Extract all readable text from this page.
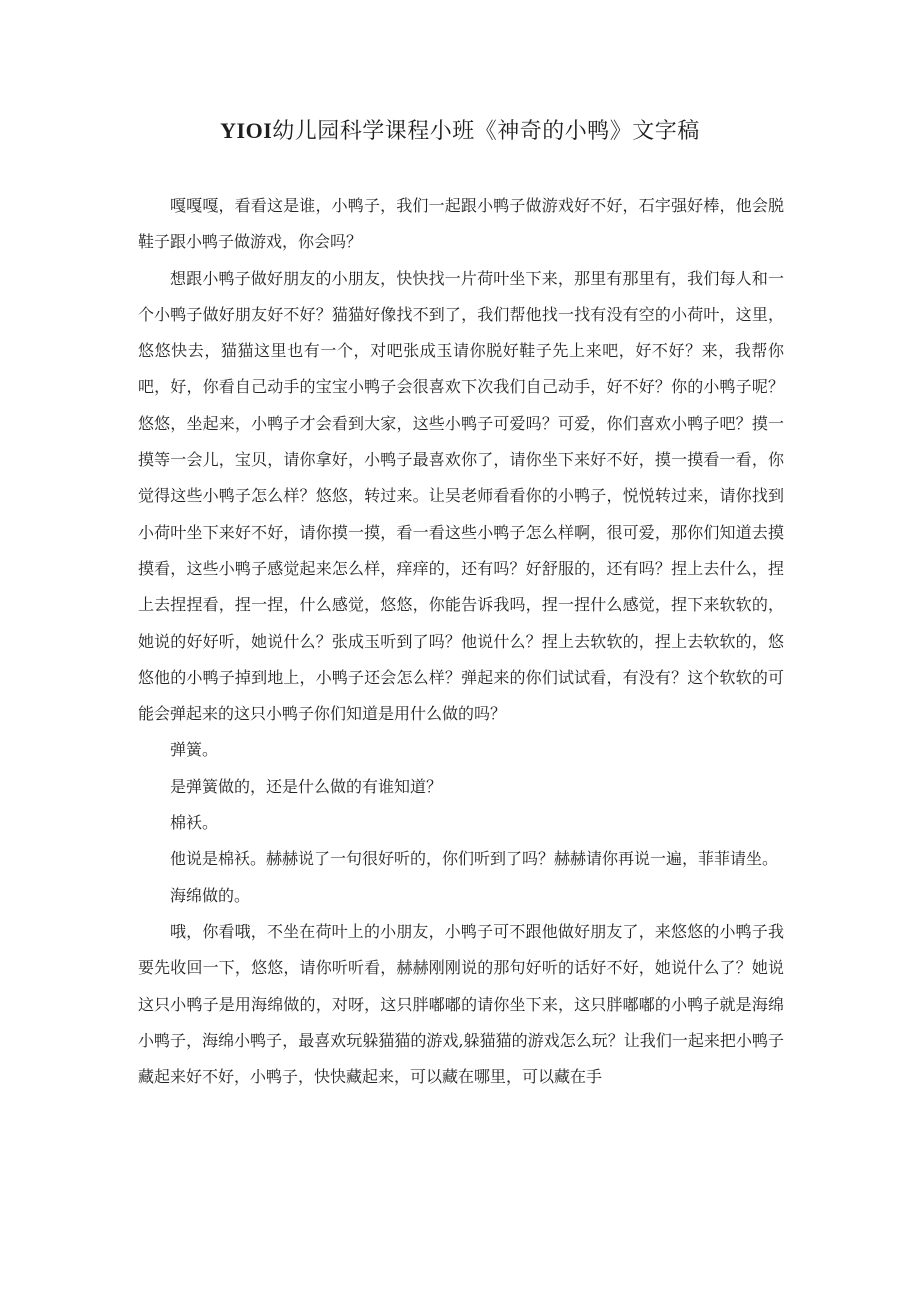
YIOI幼儿园科学课程小班《神奇的小鸭》文字稿

嘎嘎嘎，看看这是谁，小鸭子，我们一起跟小鸭子做游戏好不好，石宇强好棒，他会脱鞋子跟小鸭子做游戏，你会吗？

想跟小鸭子做好朋友的小朋友，快快找一片荷叶坐下来，那里有那里有，我们每人和一个小鸭子做好朋友好不好？猫猫好像找不到了，我们帮他找一找有没有空的小荷叶，这里，悠悠快去，猫猫这里也有一个，对吧张成玉请你脱好鞋子先上来吧，好不好？来，我帮你吧，好，你看自己动手的宝宝小鸭子会很喜欢下次我们自己动手，好不好？你的小鸭子呢？悠悠，坐起来，小鸭子才会看到大家，这些小鸭子可爱吗？可爱，你们喜欢小鸭子吧？摸一摸等一会儿，宝贝，请你拿好，小鸭子最喜欢你了，请你坐下来好不好，摸一摸看一看，你觉得这些小鸭子怎么样？悠悠，转过来。让吴老师看看你的小鸭子，悦悦转过来，请你找到小荷叶坐下来好不好，请你摸一摸，看一看这些小鸭子怎么样啊，很可爱，那你们知道去摸摸看，这些小鸭子感觉起来怎么样，痒痒的，还有吗？好舒服的，还有吗？捏上去什么，捏上去捏捏看，捏一捏，什么感觉，悠悠，你能告诉我吗，捏一捏什么感觉，捏下来软软的，她说的好好听，她说什么？张成玉听到了吗？他说什么？捏上去软软的，捏上去软软的，悠悠他的小鸭子掉到地上，小鸭子还会怎么样？弹起来的你们试试看，有没有？这个软软的可能会弹起来的这只小鸭子你们知道是用什么做的吗？

弹簧。

是弹簧做的，还是什么做的有谁知道？

棉袄。

他说是棉袄。赫赫说了一句很好听的，你们听到了吗？赫赫请你再说一遍，菲菲请坐。

海绵做的。

哦，你看哦，不坐在荷叶上的小朋友，小鸭子可不跟他做好朋友了，来悠悠的小鸭子我要先收回一下，悠悠，请你听听看，赫赫刚刚说的那句好听的话好不好，她说什么了？她说这只小鸭子是用海绵做的，对呀，这只胖嘟嘟的请你坐下来，这只胖嘟嘟的小鸭子就是海绵小鸭子，海绵小鸭子，最喜欢玩躲猫猫的游戏,躲猫猫的游戏怎么玩？让我们一起来把小鸭子藏起来好不好，小鸭子，快快藏起来，可以藏在哪里，可以藏在手
